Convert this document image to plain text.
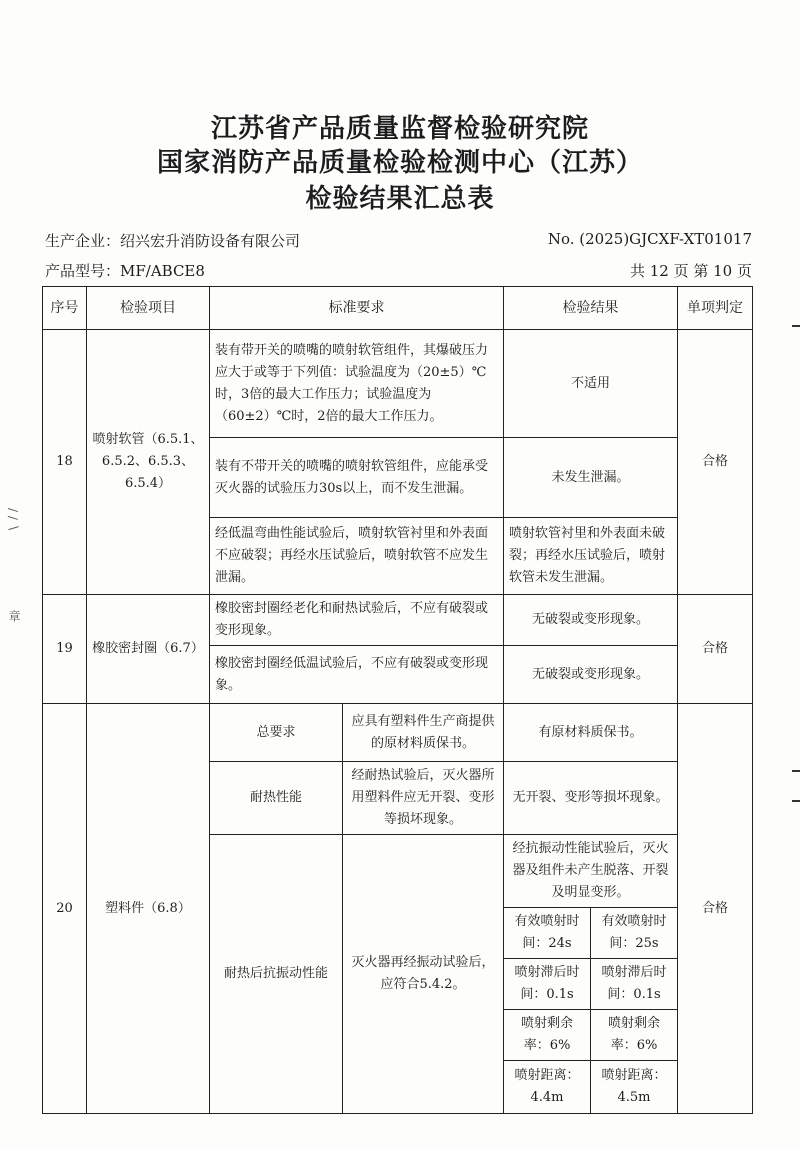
江苏省产品质量监督检验研究院
国家消防产品质量检验检测中心（江苏）
检验结果汇总表
生产企业：绍兴宏升消防设备有限公司	No. (2025)GJCXF-XT01017
产品型号：MF/ABCE8	共 12 页 第 10 页
/ ∕ ∖
章
序号	检验项目	标准要求		检验结果		单项判定
18	喷射软管（6.5.1、6.5.2、6.5.3、6.5.4）	装有带开关的喷嘴的喷射软管组件，其爆破压力应大于或等于下列值：试验温度为（20±5）℃时，3倍的最大工作压力；试验温度为（60±2）℃时，2倍的最大工作压力。		不适用		合格
		装有不带开关的喷嘴的喷射软管组件，应能承受灭火器的试验压力30s以上，而不发生泄漏。		未发生泄漏。		
		经低温弯曲性能试验后，喷射软管衬里和外表面不应破裂；再经水压试验后，喷射软管不应发生泄漏。		喷射软管衬里和外表面未破裂；再经水压试验后，喷射软管未发生泄漏。		
19	橡胶密封圈（6.7）	橡胶密封圈经老化和耐热试验后，不应有破裂或变形现象。		无破裂或变形现象。		合格
		橡胶密封圈经低温试验后，不应有破裂或变形现象。		无破裂或变形现象。		
20	塑料件（6.8）	总要求	应具有塑料件生产商提供的原材料质保书。	有原材料质保书。		合格
		耐热性能	经耐热试验后，灭火器所用塑料件应无开裂、变形等损坏现象。	无开裂、变形等损坏现象。		
		耐热后抗振动性能	灭火器再经振动试验后，应符合5.4.2。	经抗振动性能试验后，灭火器及组件未产生脱落、开裂及明显变形。		
				有效喷射时间：24s	有效喷射时间：25s	
				喷射滞后时间：0.1s	喷射滞后时间：0.1s	
				喷射剩余率：6%	喷射剩余率：6%	
				喷射距离：4.4m	喷射距离：4.5m	
